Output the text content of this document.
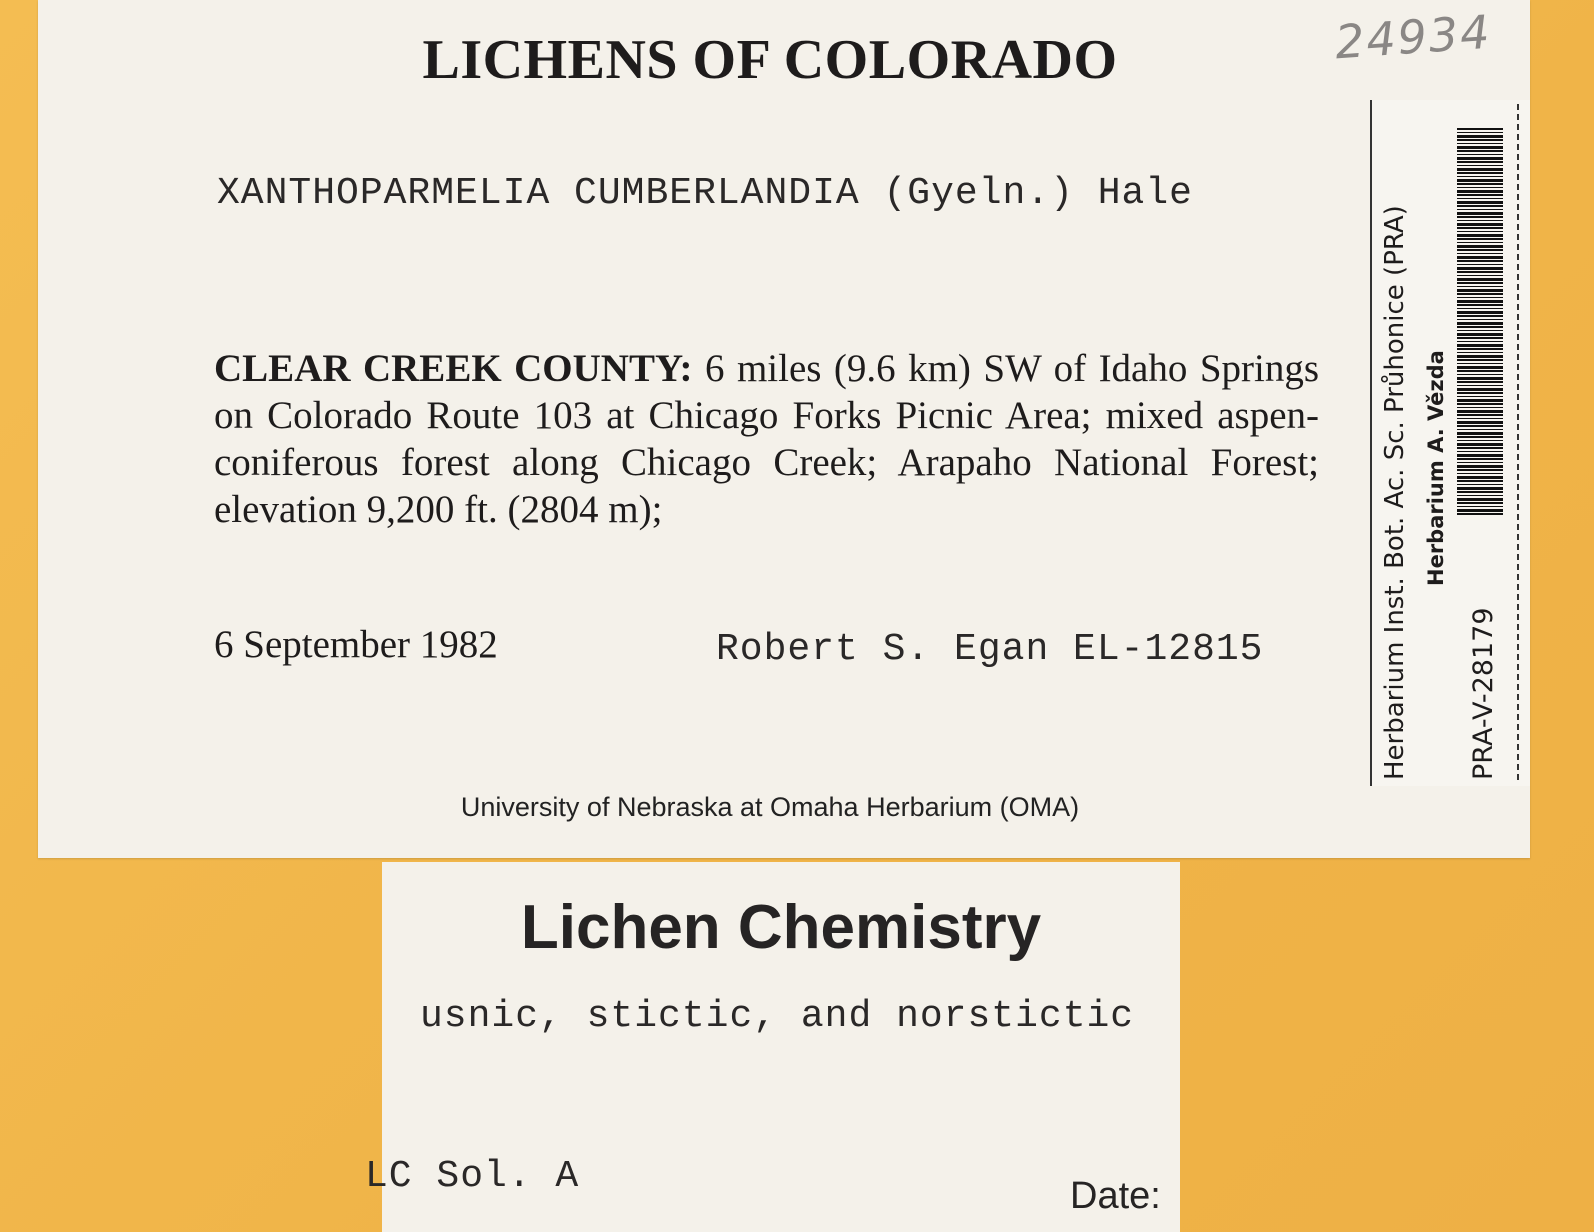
LICHENS OF COLORADO	24934
XANTHOPARMELIA CUMBERLANDIA (Gyeln.) Hale
CLEAR CREEK COUNTY: 6 miles (9.6 km) SW of Idaho Springs on Colorado Route 103 at Chicago Forks Picnic Area; mixed aspen-coniferous forest along Chicago Creek; Arapaho National Forest; elevation 9,200 ft. (2804 m);
6 September 1982	Robert S. Egan EL-12815
University of Nebraska at Omaha Herbarium (OMA)
Herbarium Inst. Bot. Ac. Sc. Průhonice (PRA) Herbarium A. Vězda
PRA-V-28179
Lichen Chemistry
usnic, stictic, and norstictic
LC Sol. A	Date:
